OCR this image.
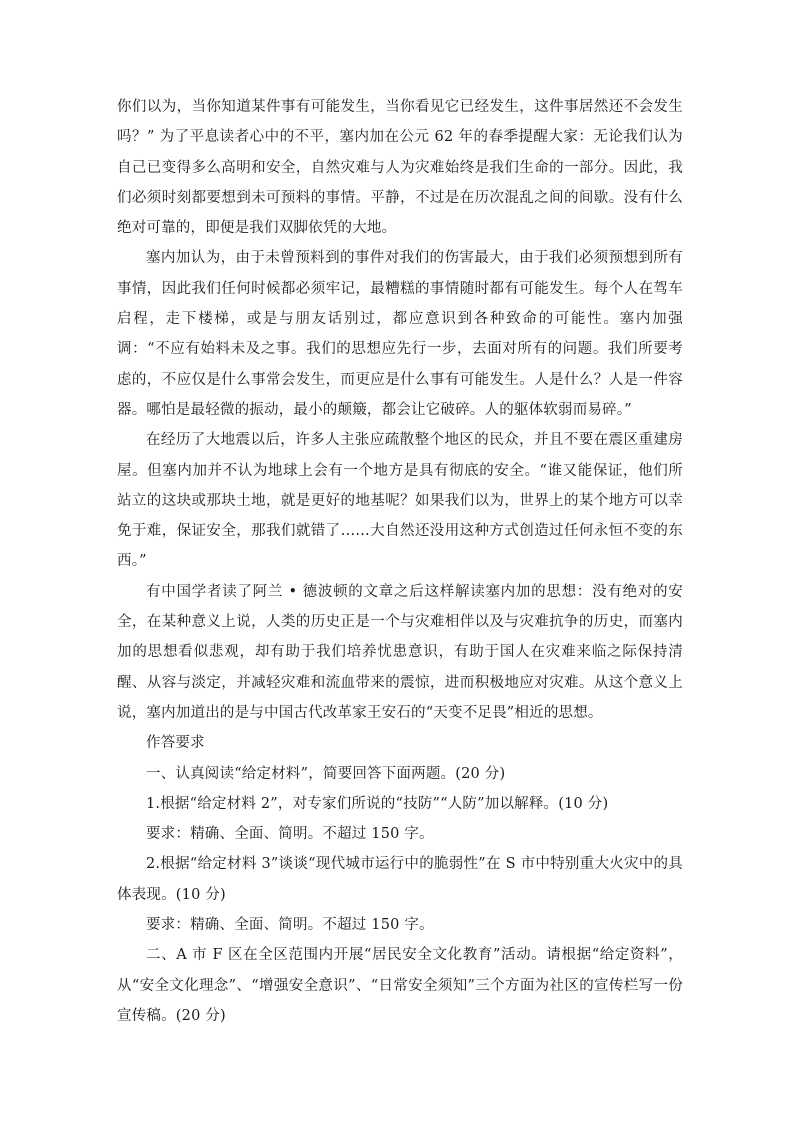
你们以为，当你知道某件事有可能发生，当你看见它已经发生，这件事居然还不会发生吗？” 为了平息读者心中的不平，塞内加在公元 62 年的春季提醒大家：无论我们认为自己已变得多么高明和安全，自然灾难与人为灾难始终是我们生命的一部分。因此，我们必须时刻都要想到未可预料的事情。平静，不过是在历次混乱之间的间歇。没有什么绝对可靠的，即便是我们双脚依凭的大地。

塞内加认为，由于未曾预料到的事件对我们的伤害最大，由于我们必须预想到所有事情，因此我们任何时候都必须牢记，最糟糕的事情随时都有可能发生。每个人在驾车启程，走下楼梯，或是与朋友话别过，都应意识到各种致命的可能性。塞内加强调：“不应有始料未及之事。我们的思想应先行一步，去面对所有的问题。我们所要考虑的，不应仅是什么事常会发生，而更应是什么事有可能发生。人是什么？人是一件容器。哪怕是最轻微的振动，最小的颠簸，都会让它破碎。人的躯体软弱而易碎。”

在经历了大地震以后，许多人主张应疏散整个地区的民众，并且不要在震区重建房屋。但塞内加并不认为地球上会有一个地方是具有彻底的安全。“谁又能保证，他们所站立的这块或那块土地，就是更好的地基呢？如果我们以为，世界上的某个地方可以幸免于难，保证安全，那我们就错了……大自然还没用这种方式创造过任何永恒不变的东西。”

有中国学者读了阿兰 • 德波顿的文章之后这样解读塞内加的思想：没有绝对的安全，在某种意义上说，人类的历史正是一个与灾难相伴以及与灾难抗争的历史，而塞内加的思想看似悲观，却有助于我们培养忧患意识，有助于国人在灾难来临之际保持清醒、从容与淡定，并减轻灾难和流血带来的震惊，进而积极地应对灾难。从这个意义上说，塞内加道出的是与中国古代改革家王安石的“天变不足畏”相近的思想。

作答要求

一、认真阅读“给定材料”，简要回答下面两题。(20 分)

1.根据“给定材料 2”，对专家们所说的“技防”“人防”加以解释。(10 分)

要求：精确、全面、简明。不超过 150 字。

2.根据“给定材料 3”谈谈“现代城市运行中的脆弱性”在 S 市中特别重大火灾中的具体表现。(10 分)

要求：精确、全面、简明。不超过 150 字。

二、A 市 F 区在全区范围内开展“居民安全文化教育”活动。请根据“给定资料”，从“安全文化理念”、“增强安全意识”、“日常安全须知”三个方面为社区的宣传栏写一份宣传稿。(20 分)
